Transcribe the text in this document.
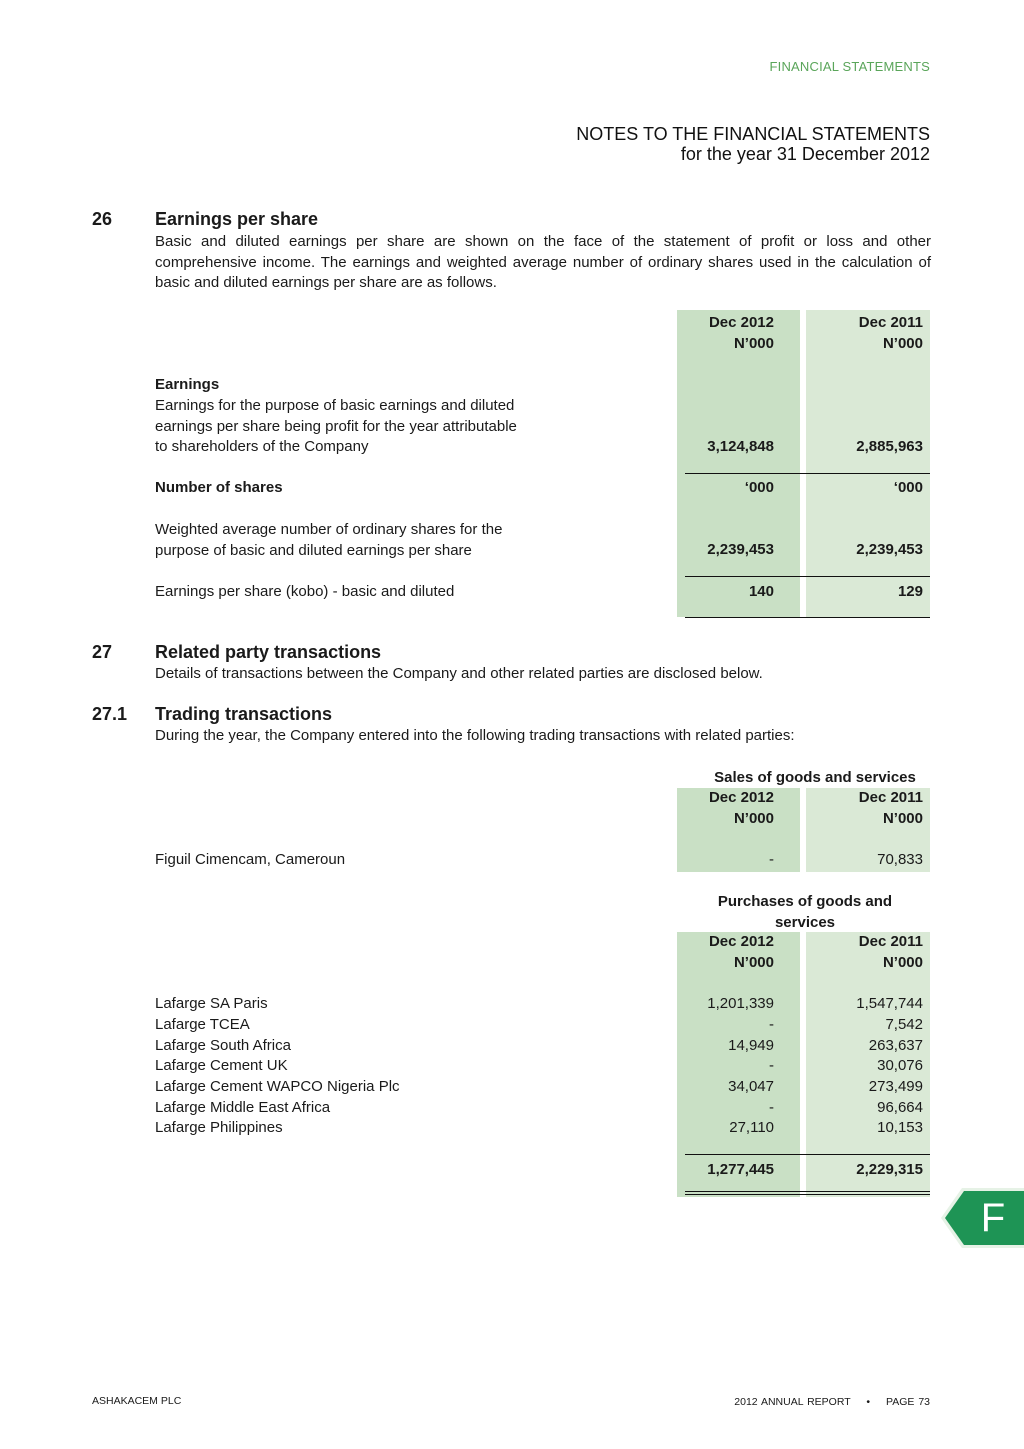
FINANCIAL STATEMENTS
NOTES TO THE FINANCIAL STATEMENTS
for the year 31 December 2012
26 Earnings per share
Basic and diluted earnings per share are shown on the face of the statement of profit or loss and other comprehensive income. The earnings and weighted average number of ordinary shares used in the calculation of basic and diluted earnings per share are as follows.
Dec 2012
N’000
Dec 2011
N’000
Earnings
Earnings for the purpose of basic earnings and diluted
earnings per share being profit for the year attributable
to shareholders of the Company	3,124,848	2,885,963
Number of shares	‘000	‘000
Weighted average number of ordinary shares for the
purpose of basic and diluted earnings per share	2,239,453	2,239,453
Earnings per share (kobo) - basic and diluted	140	129
27 Related party transactions
Details of transactions between the Company and other related parties are disclosed below.
27.1 Trading transactions
During the year, the Company entered into the following trading transactions with related parties:
Sales of goods and services
Dec 2012
N’000
Dec 2011
N’000
Figuil Cimencam, Cameroun	-	70,833
Purchases of goods and
services
Dec 2012
N’000
Dec 2011
N’000
Lafarge SA Paris	1,201,339	1,547,744
Lafarge TCEA	-	7,542
Lafarge South Africa	14,949	263,637
Lafarge Cement UK	-	30,076
Lafarge Cement WAPCO Nigeria Plc	34,047	273,499
Lafarge Middle East Africa	-	96,664
Lafarge Philippines	27,110	10,153
1,277,445	2,229,315
F
ASHAKACEM PLC	2012 ANNUAL REPORT • PAGE 73
